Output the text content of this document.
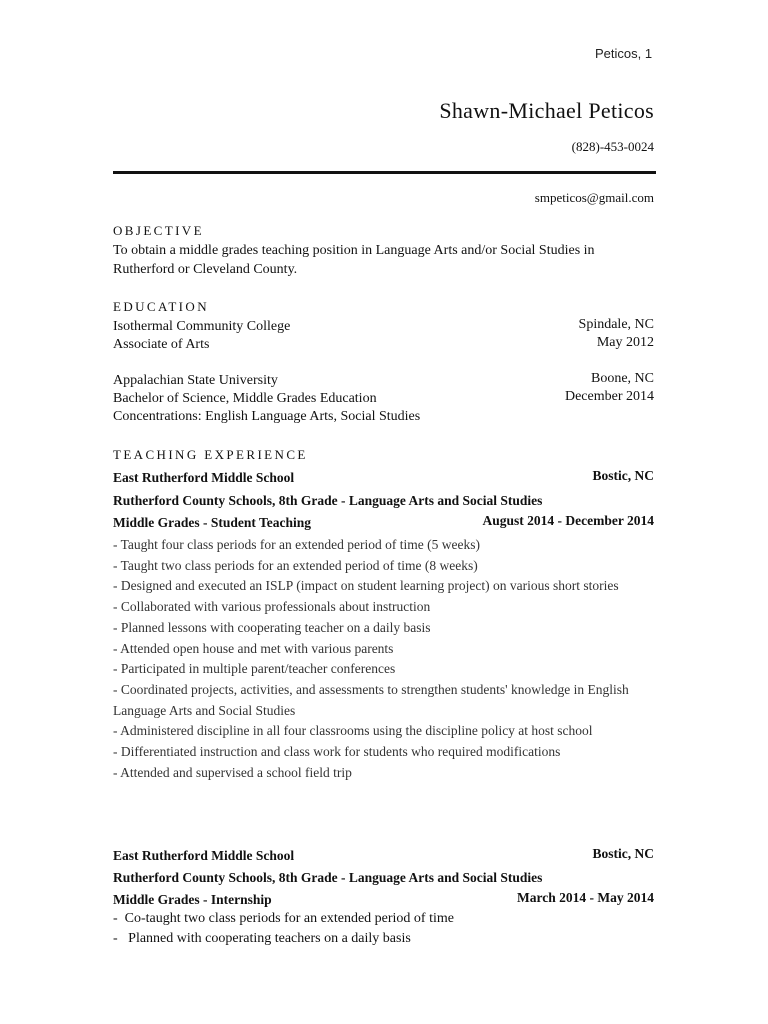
Peticos, 1
Shawn-Michael Peticos
(828)-453-0024
smpeticos@gmail.com
OBJECTIVE
To obtain a middle grades teaching position in Language Arts and/or Social Studies in
Rutherford or Cleveland County.
EDUCATION
Isothermal Community College	Spindale, NC
Associate of Arts	May 2012
Appalachian State University	Boone, NC
Bachelor of Science, Middle Grades Education	December 2014
Concentrations: English Language Arts, Social Studies
TEACHING EXPERIENCE
East Rutherford Middle School	Bostic, NC
Rutherford County Schools, 8th Grade - Language Arts and Social Studies
Middle Grades - Student Teaching	August 2014 - December 2014
- Taught four class periods for an extended period of time (5 weeks)
- Taught two class periods for an extended period of time (8 weeks)
- Designed and executed an ISLP (impact on student learning project) on various short stories
- Collaborated with various professionals about instruction
- Planned lessons with cooperating teacher on a daily basis
- Attended open house and met with various parents
- Participated in multiple parent/teacher conferences
- Coordinated projects, activities, and assessments to strengthen students' knowledge in English Language Arts and Social Studies
- Administered discipline in all four classrooms using the discipline policy at host school
- Differentiated instruction and class work for students who required modifications
- Attended and supervised a school field trip
East Rutherford Middle School	Bostic, NC
Rutherford County Schools, 8th Grade - Language Arts and Social Studies
Middle Grades - Internship	March 2014 - May 2014
-  Co-taught two class periods for an extended period of time
-   Planned with cooperating teachers on a daily basis
